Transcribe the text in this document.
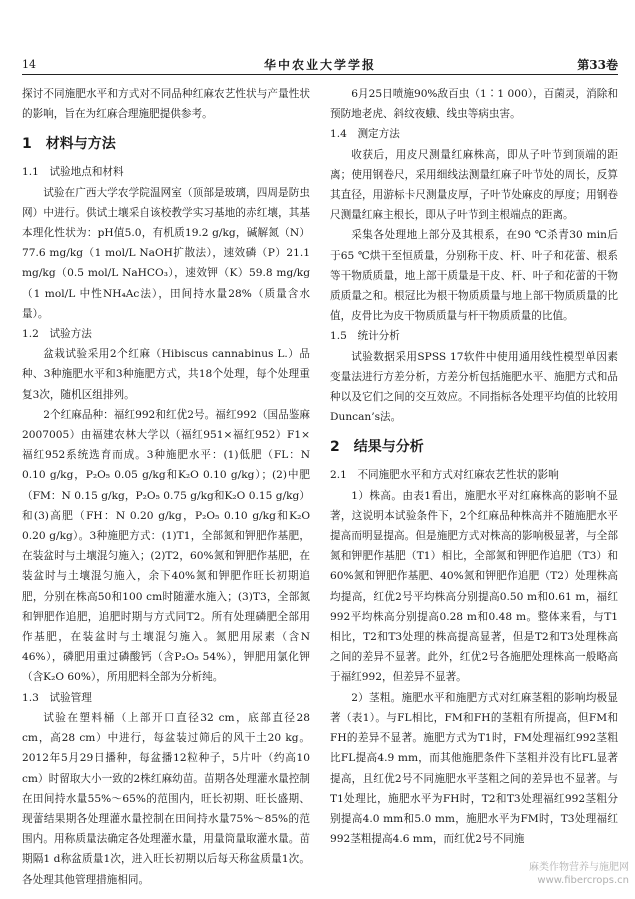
14	华中农业大学学报	第33卷

探讨不同施肥水平和方式对不同品种红麻农艺性状与产量性状的影响，旨在为红麻合理施肥提供参考。

1　材料与方法
1.1　试验地点和材料

试验在广西大学农学院温网室（顶部是玻璃，四周是防虫网）中进行。供试土壤采自该校教学实习基地的赤红壤，其基本理化性状为：pH值5.0，有机质19.2 g/kg，碱解氮（N）77.6 mg/kg（1 mol/L NaOH扩散法），速效磷（P）21.1 mg/kg（0.5 mol/L NaHCO₃），速效钾（K）59.8 mg/kg（1 mol/L 中性NH₄Ac法），田间持水量28%（质量含水量）。

1.2　试验方法

盆栽试验采用2个红麻（Hibiscus cannabinus L.）品种、3种施肥水平和3种施肥方式，共18个处理，每个处理重复3次，随机区组排列。

2个红麻品种：福红992和红优2号。福红992（国品鉴麻2007005）由福建农林大学以（福红951×福红952）F1×福红952系统选育而成。3种施肥水平：(1)低肥（FL：N 0.10 g/kg，P₂O₅ 0.05 g/kg和K₂O 0.10 g/kg）；(2)中肥（FM：N 0.15 g/kg，P₂O₅ 0.75 g/kg和K₂O 0.15 g/kg）和(3)高肥（FH：N 0.20 g/kg，P₂O₅ 0.10 g/kg和K₂O 0.20 g/kg）。3种施肥方式：(1)T1，全部氮和钾肥作基肥，在装盆时与土壤混匀施入；(2)T2，60%氮和钾肥作基肥，在装盆时与土壤混匀施入，余下40%氮和钾肥作旺长初期追肥，分别在株高50和100 cm时随灌水施入；(3)T3，全部氮和钾肥作追肥，追肥时期与方式同T2。所有处理磷肥全部用作基肥，在装盆时与土壤混匀施入。氮肥用尿素（含N 46%），磷肥用重过磷酸钙（含P₂O₅ 54%），钾肥用氯化钾（含K₂O 60%），所用肥料全部为分析纯。

1.3　试验管理

试验在塑料桶（上部开口直径32 cm，底部直径28 cm，高28 cm）中进行，每盆装过筛后的风干土20 kg。2012年5月29日播种，每盆播12粒种子，5片叶（约高10 cm）时留取大小一致的2株红麻幼苗。苗期各处理灌水量控制在田间持水量55%～65%的范围内，旺长初期、旺长盛期、现蕾结果期各处理灌水量控制在田间持水量75%～85%的范围内。用称质量法确定各处理灌水量，用量筒量取灌水量。苗期隔1 d称盆质量1次，进入旺长初期以后每天称盆质量1次。各处理其他管理措施相同。

6月25日喷施90%敌百虫（1∶1 000），百菌灵，消除和预防地老虎、斜纹夜蛾、线虫等病虫害。

1.4　测定方法

收获后，用皮尺测量红麻株高，即从子叶节到顶端的距离；使用钢卷尺，采用细线法测量红麻子叶节处的周长，反算其直径，用游标卡尺测量皮厚，子叶节处麻皮的厚度；用钢卷尺测量红麻主根长，即从子叶节到主根端点的距离。

采集各处理地上部分及其根系，在90 ℃杀青30 min后于65 ℃烘干至恒质量，分别称干皮、杆、叶子和花蕾、根系等干物质质量，地上部干质量是干皮、杆、叶子和花蕾的干物质质量之和。根冠比为根干物质质量与地上部干物质质量的比值，皮骨比为皮干物质质量与杆干物质质量的比值。

1.5　统计分析

试验数据采用SPSS 17软件中使用通用线性模型单因素变量法进行方差分析，方差分析包括施肥水平、施肥方式和品种以及它们之间的交互效应。不同指标各处理平均值的比较用Duncan’s法。

2　结果与分析
2.1　不同施肥水平和方式对红麻农艺性状的影响

1）株高。由表1看出，施肥水平对红麻株高的影响不显著，这说明本试验条件下，2个红麻品种株高并不随施肥水平提高而明显提高。但是施肥方式对株高的影响极显著，与全部氮和钾肥作基肥（T1）相比，全部氮和钾肥作追肥（T3）和60%氮和钾肥作基肥、40%氮和钾肥作追肥（T2）处理株高均提高，红优2号平均株高分别提高0.50 m和0.61 m，福红992平均株高分别提高0.28 m和0.48 m。整体来看，与T1相比，T2和T3处理的株高提高显著，但是T2和T3处理株高之间的差异不显著。此外，红优2号各施肥处理株高一般略高于福红992，但差异不显著。

2）茎粗。施肥水平和施肥方式对红麻茎粗的影响均极显著（表1）。与FL相比，FM和FH的茎粗有所提高，但FM和FH的差异不显著。施肥方式为T1时，FM处理福红992茎粗比FL提高4.9 mm，而其他施肥条件下茎粗并没有比FL显著提高，且红优2号不同施肥水平茎粗之间的差异也不显著。与T1处理比，施肥水平为FH时，T2和T3处理福红992茎粗分别提高4.0 mm和5.0 mm，施肥水平为FM时，T3处理福红992茎粗提高4.6 mm，而红优2号不同施

麻类作物营养与施肥网
www.fibercrops.cn
